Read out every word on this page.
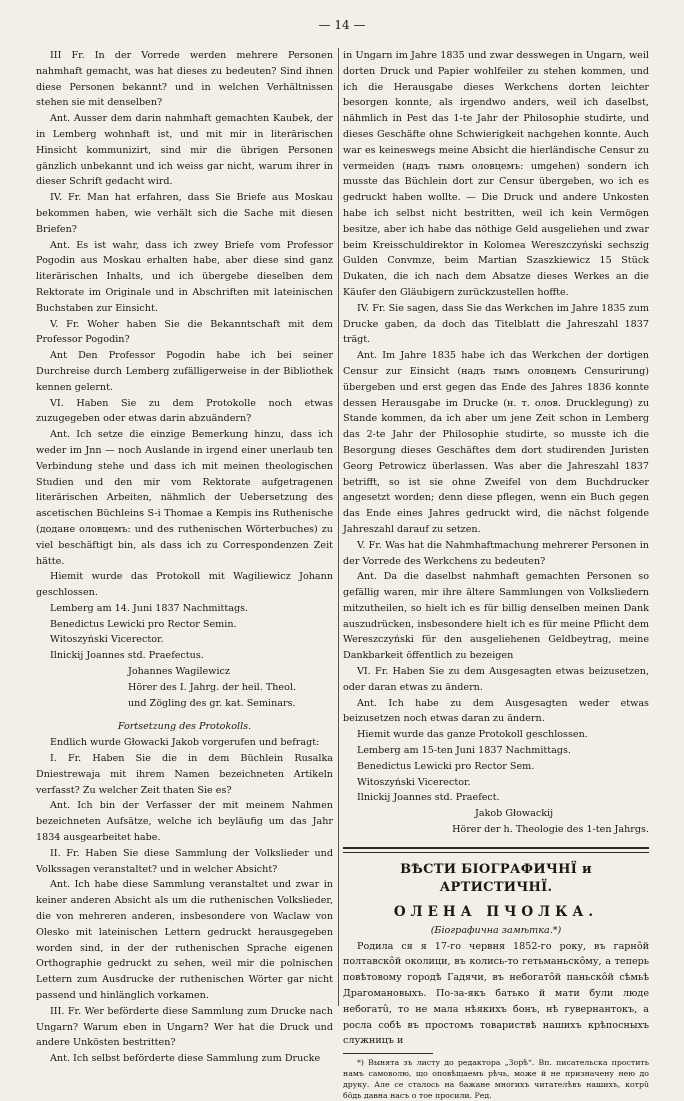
— 14 —

III Fr. In der Vorrede werden mehrere Personen nahmhaft gemacht, was hat dieses zu bedeuten? Sind ihnen diese Personen bekannt? und in welchen Verhältnissen stehen sie mit denselben?

Ant. Ausser dem darin nahmhaft gemachten Kaubek, der in Lemberg wohnhaft ist, und mit mir in literärischen Hinsicht kommunizirt, sind mir die übrigen Personen gänzlich unbekannt und ich weiss gar nicht, warum ihrer in dieser Schrift gedacht wird.

IV. Fr. Man hat erfahren, dass Sie Briefe aus Moskau bekommen haben, wie verhält sich die Sache mit diesen Briefen?

Ant. Es ist wahr, dass ich zwey Briefe vom Professor Pogodin aus Moskau erhalten habe, aber diese sind ganz literärischen Inhalts, und ich übergebe dieselben dem Rektorate im Originale und in Abschriften mit lateinischen Buchstaben zur Einsicht.

V. Fr. Woher haben Sie die Bekanntschaft mit dem Professor Pogodin?

Ant Den Professor Pogodin habe ich bei seiner Durchreise durch Lemberg zufälligerweise in der Bibliothek kennen gelernt.

VI. Haben Sie zu dem Protokolle noch etwas zuzugegeben oder etwas darin abzuändern?

Ant. Ich setze die einzige Bemerkung hinzu, dass ich weder im Jnn — noch Auslande in irgend einer unerlaub ten Verbindung stehe und dass ich mit meinen theologischen Studien und den mir vom Rektorate aufgetragenen literärischen Arbeiten, nähmlich der Uebersetzung des ascetischen Büchleins S-i Thomae a Kempis ins Ruthenische (додане оловцемъ: und des ruthenischen Wörterbuches) zu viel beschäftigt bin, als dass ich zu Correspondenzen Zeit hätte.

Hiemit wurde das Protokoll mit Wagiliewicz Johann geschlossen.

Lemberg am 14. Juni 1837 Nachmittags.

Benedictus Lewicki pro Rector Semin.

Witoszyński Vicerector.

Ilnickij Joannes std. Praefectus.

Johannes Wagilewicz

Hörer des I. Jahrg. der heil. Theol.

und Zögling des gr. kat. Seminars.

Fortsetzung des Protokolls.

Endlich wurde Głowacki Jakob vorgerufen und befragt:

I. Fr. Haben Sie die in dem Büchlein Rusalka Dniestrewaja mit ihrem Namen bezeichneten Artikeln verfasst? Zu welcher Zeit thaten Sie es?

Ant. Ich bin der Verfasser der mit meinem Nahmen bezeichneten Aufsätze, welche ich beyläufig um das Jahr 1834 ausgearbeitet habe.

II. Fr. Haben Sie diese Sammlung der Volkslieder und Volkssagen veranstaltet? und in welcher Absicht?

Ant. Ich habe diese Sammlung veranstaltet und zwar in keiner anderen Absicht als um die ruthenischen Volkslieder, die von mehreren anderen, insbesondere von Waclaw von Olesko mit lateinischen Lettern gedruckt herausgegeben worden sind, in der der ruthenischen Sprache eigenen Orthographie gedruckt zu sehen, weil mir die polnischen Lettern zum Ausdrucke der ruthenischen Wörter gar nicht passend und hinlänglich vorkamen.

III. Fr. Wer beförderte diese Sammlung zum Drucke nach Ungarn? Warum eben in Ungarn? Wer hat die Druck und andere Unkösten bestritten?

Ant. Ich selbst beförderte diese Sammlung zum Drucke

in Ungarn im Jahre 1835 und zwar desswegen in Ungarn, weil dorten Druck und Papier wohlfeiler zu stehen kommen, und ich die Herausgabe dieses Werkchens dorten leichter besorgen konnte, als irgendwo anders, weil ich daselbst, nähmlich in Pest das 1-te Jahr der Philosophie studirte, und dieses Geschäfte ohne Schwierigkeit nachgehen konnte. Auch war es keineswegs meine Absicht die hierländische Censur zu vermeiden (надъ тымъ оловцемъ: umgehen) sondern ich musste das Büchlein dort zur Censur übergeben, wo ich es gedruckt haben wollte. — Die Druck und andere Unkosten habe ich selbst nicht bestritten, weil ich kein Vermögen besitze, aber ich habe das nöthige Geld ausgeliehen und zwar beim Kreisschuldirektor in Kolomea Wereszczyński sechszig Gulden Convmze, beim Martian Szaszkiewicz 15 Stück Dukaten, die ich nach dem Absatze dieses Werkes an die Käufer den Gläubigern zurückzustellen hoffte.

IV. Fr. Sie sagen, dass Sie das Werkchen im Jahre 1835 zum Drucke gaben, da doch das Titelblatt die Jahreszahl 1837 trägt.

Ant. Im Jahre 1835 habe ich das Werkchen der dortigen Censur zur Einsicht (надъ тымъ оловцемъ Censurirung) übergeben und erst gegen das Ende des Jahres 1836 konnte dessen Herausgabe im Drucke (н. т. олов. Drucklegung) zu Stande kommen, da ich aber um jene Zeit schon in Lemberg das 2-te Jahr der Philosophie studirte, so musste ich die Besorgung dieses Geschäftes dem dort studirenden Juristen Georg Petrowicz überlassen. Was aber die Jahreszahl 1837 betrifft, so ist sie ohne Zweifel von dem Buchdrucker angesetzt worden; denn diese pflegen, wenn ein Buch gegen das Ende eines Jahres gedruckt wird, die nächst folgende Jahreszahl darauf zu setzen.

V. Fr. Was hat die Nahmhaftmachung mehrerer Personen in der Vorrede des Werkchens zu bedeuten?

Ant. Da die daselbst nahmhaft gemachten Personen so gefällig waren, mir ihre ältere Sammlungen von Volksliedern mitzutheilen, so hielt ich es für billig denselben meinen Dank auszudrücken, insbesondere hielt ich es für meine Pflicht dem Wereszczyński für den ausgeliehenen Geldbeytrag, meine Dankbarkeit öffentlich zu bezeigen

VI. Fr. Haben Sie zu dem Ausgesagten etwas beizusetzen, oder daran etwas zu ändern.

Ant. Ich habe zu dem Ausgesagten weder etwas beizusetzen noch etwas daran zu ändern.

Hiemit wurde das ganze Protokoll geschlossen.

Lemberg am 15-ten Juni 1837 Nachmittags.

Benedictus Lewicki pro Rector Sem.

Witoszyński Vicerector.

Ilnickij Joannes std. Praefect.

Jakob Głowackij

Hörer der h. Theologie des 1-ten Jahrgs.

ВѢСТИ БІОГРАФИЧНЇ и АРТИСТИЧНЇ.

ОЛЕНА ПЧОЛКА.

(Біографична замѣтка.*)

Родила ся я 17-го червня 1852-го року, въ гарнôй полтавскôй околици, въ колись-то гетьманьскôму, а теперь повѣтовому городѣ Гадячи, въ небогатôй паньскôй сѣмьѣ Драгомановыхъ. По-за-якъ батько й мати були люде небогатû, то не мала нѣякихъ бонъ, нѣ гувернантокъ, а росла собѣ въ простомъ товариствѣ нашихъ крѣпосныхъ служницъ и

*) Вынята зъ листу до редактора „Зорѣ“. Вп. писательска простить намъ самоволю, що оповѣщаемъ рѣчь, може й не призначену нею до друку. Але се сталось на бажане многихъ читателѣвъ нашихъ, котрû бôдь давна насъ о тое просили. Ред.
